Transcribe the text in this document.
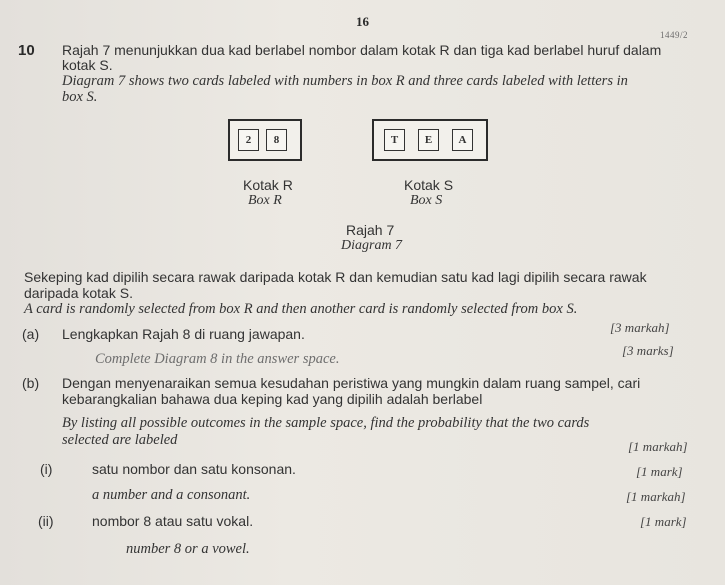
16
1449/2
10 Rajah 7 menunjukkan dua kad berlabel nombor dalam kotak R dan tiga kad berlabel huruf dalam
kotak S.
Diagram 7 shows two cards labeled with numbers in box R and three cards labeled with letters in
box S.
2	8	T	E	A
Kotak R
Box R
Kotak S
Box S
Rajah 7
Diagram 7
Sekeping kad dipilih secara rawak daripada kotak R dan kemudian satu kad lagi dipilih secara rawak
daripada kotak S.
A card is randomly selected from box R and then another card is randomly selected from box S.
(a) Lengkapkan Rajah 8 di ruang jawapan.	[3 markah]
Complete Diagram 8 in the answer space.
[3 marks]
(b) Dengan menyenaraikan semua kesudahan peristiwa yang mungkin dalam ruang sampel, cari
kebarangkalian bahawa dua keping kad yang dipilih adalah berlabel
By listing all possible outcomes in the sample space, find the probability that the two cards
selected are labeled	[1 markah]
(i)	satu nombor dan satu konsonan.	[1 mark]
a number and a consonant.	[1 markah]
(ii)	nombor 8 atau satu vokal.	[1 mark]
number 8 or a vowel.
